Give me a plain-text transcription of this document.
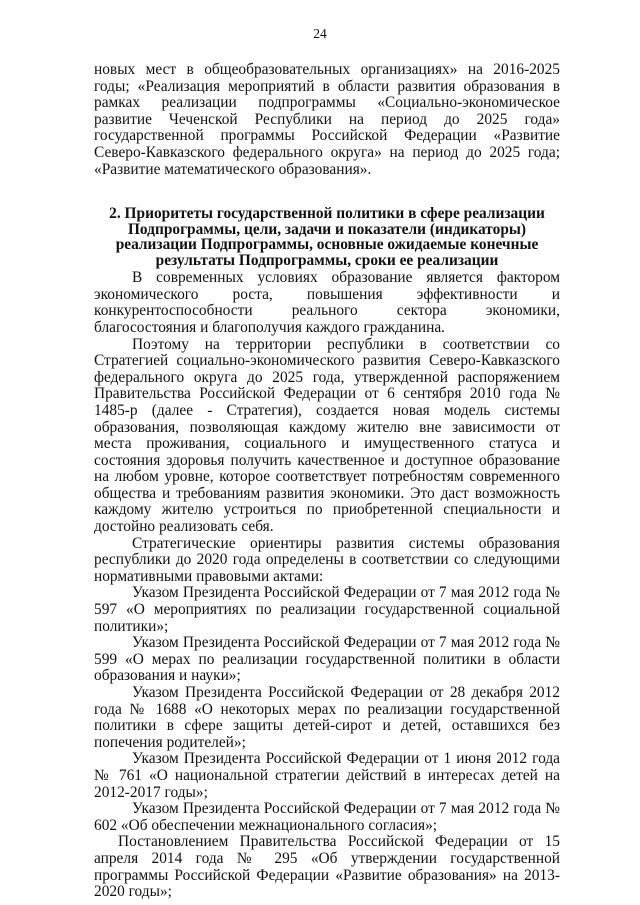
24

новых мест в общеобразовательных организациях» на 2016-2025 годы; «Реализация мероприятий в области развития образования в рамках реализации подпрограммы «Социально-экономическое развитие Чеченской Республики на период до 2025 года» государственной программы Российской Федерации «Развитие Северо-Кавказского федерального округа» на период до 2025 года; «Развитие математического образования».

2. Приоритеты государственной политики в сфере реализации Подпрограммы, цели, задачи и показатели (индикаторы) реализации Подпрограммы, основные ожидаемые конечные результаты Подпрограммы, сроки ее реализации

В современных условиях образование является фактором экономического роста, повышения эффективности и конкурентоспособности реального сектора экономики, благосостояния и благополучия каждого гражданина.

Поэтому на территории республики в соответствии со Стратегией социально-экономического развития Северо-Кавказского федерального округа до 2025 года, утвержденной распоряжением Правительства Российской Федерации от 6 сентября 2010 года № 1485-р (далее - Стратегия), создается новая модель системы образования, позволяющая каждому жителю вне зависимости от места проживания, социального и имущественного статуса и состояния здоровья получить качественное и доступное образование на любом уровне, которое соответствует потребностям современного общества и требованиям развития экономики. Это даст возможность каждому жителю устроиться по приобретенной специальности и достойно реализовать себя.

Стратегические ориентиры развития системы образования республики до 2020 года определены в соответствии со следующими нормативными правовыми актами:

Указом Президента Российской Федерации от 7 мая 2012 года № 597 «О мероприятиях по реализации государственной социальной политики»;

Указом Президента Российской Федерации от 7 мая 2012 года № 599 «О мерах по реализации государственной политики в области образования и науки»;

Указом Президента Российской Федерации от 28 декабря 2012 года № 1688 «О некоторых мерах по реализации государственной политики в сфере защиты детей-сирот и детей, оставшихся без попечения родителей»;

Указом Президента Российской Федерации от 1 июня 2012 года № 761 «О национальной стратегии действий в интересах детей на 2012-2017 годы»;

Указом Президента Российской Федерации от 7 мая 2012 года № 602 «Об обеспечении межнационального согласия»;

Постановлением Правительства Российской Федерации от 15 апреля 2014 года № 295 «Об утверждении государственной программы Российской Федерации «Развитие образования» на 2013-2020 годы»;
